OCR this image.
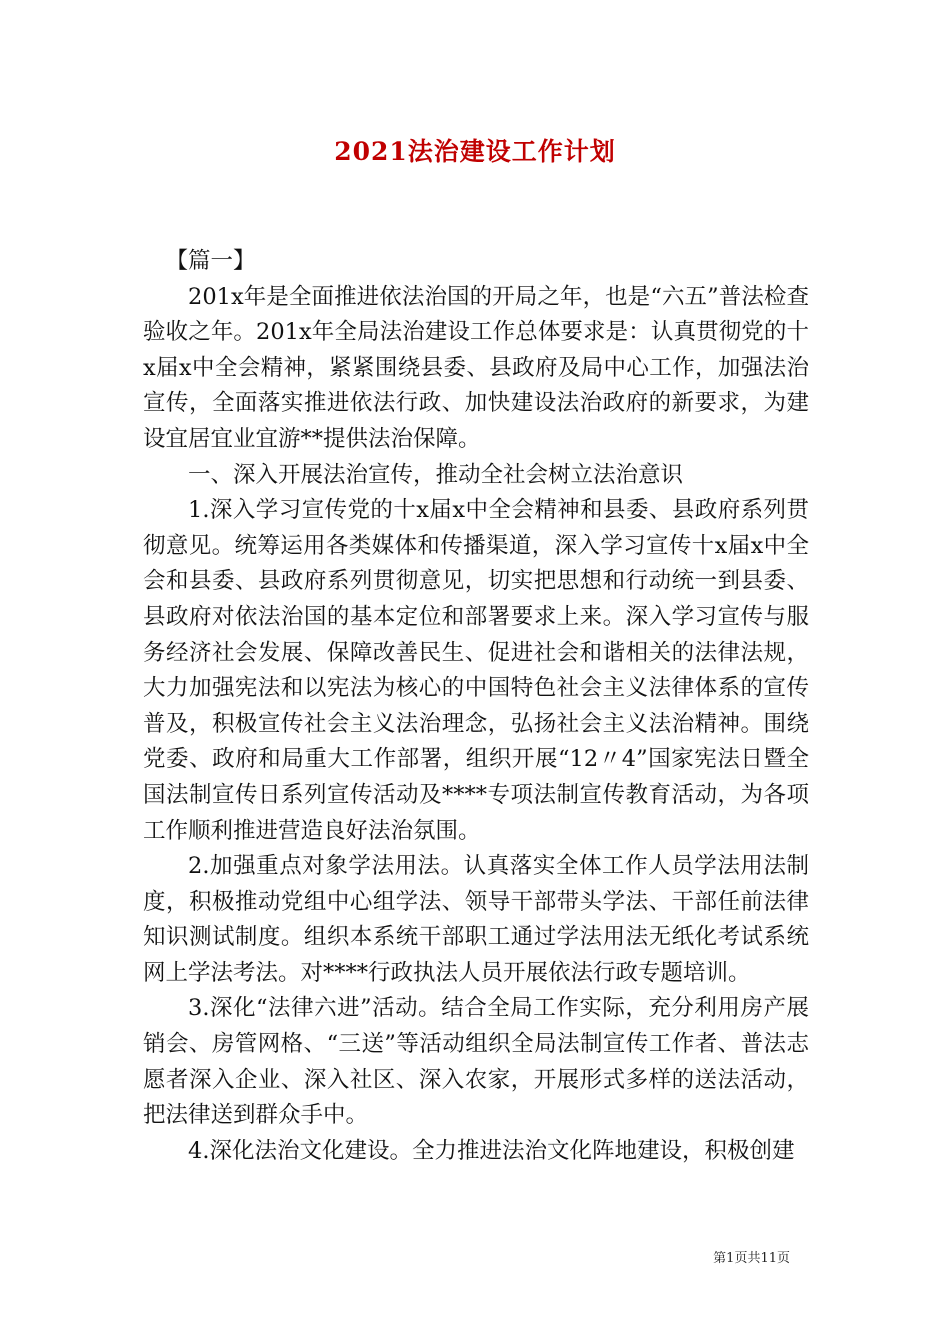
2021法治建设工作计划

【篇一】

201x年是全面推进依法治国的开局之年，也是“六五”普法检查验收之年。201x年全局法治建设工作总体要求是：认真贯彻党的十x届x中全会精神，紧紧围绕县委、县政府及局中心工作，加强法治宣传，全面落实推进依法行政、加快建设法治政府的新要求，为建设宜居宜业宜游**提供法治保障。

一、深入开展法治宣传，推动全社会树立法治意识

1.深入学习宣传党的十x届x中全会精神和县委、县政府系列贯彻意见。统筹运用各类媒体和传播渠道，深入学习宣传十x届x中全会和县委、县政府系列贯彻意见，切实把思想和行动统一到县委、县政府对依法治国的基本定位和部署要求上来。深入学习宣传与服务经济社会发展、保障改善民生、促进社会和谐相关的法律法规，大力加强宪法和以宪法为核心的中国特色社会主义法律体系的宣传普及，积极宣传社会主义法治理念，弘扬社会主义法治精神。围绕党委、政府和局重大工作部署，组织开展“12〃4”国家宪法日暨全国法制宣传日系列宣传活动及****专项法制宣传教育活动，为各项工作顺利推进营造良好法治氛围。

2.加强重点对象学法用法。认真落实全体工作人员学法用法制度，积极推动党组中心组学法、领导干部带头学法、干部任前法律知识测试制度。组织本系统干部职工通过学法用法无纸化考试系统网上学法考法。对****行政执法人员开展依法行政专题培训。

3.深化“法律六进”活动。结合全局工作实际，充分利用房产展销会、房管网格、“三送”等活动组织全局法制宣传工作者、普法志愿者深入企业、深入社区、深入农家，开展形式多样的送法活动，把法律送到群众手中。

4.深化法治文化建设。全力推进法治文化阵地建设，积极创建

第1页共11页
